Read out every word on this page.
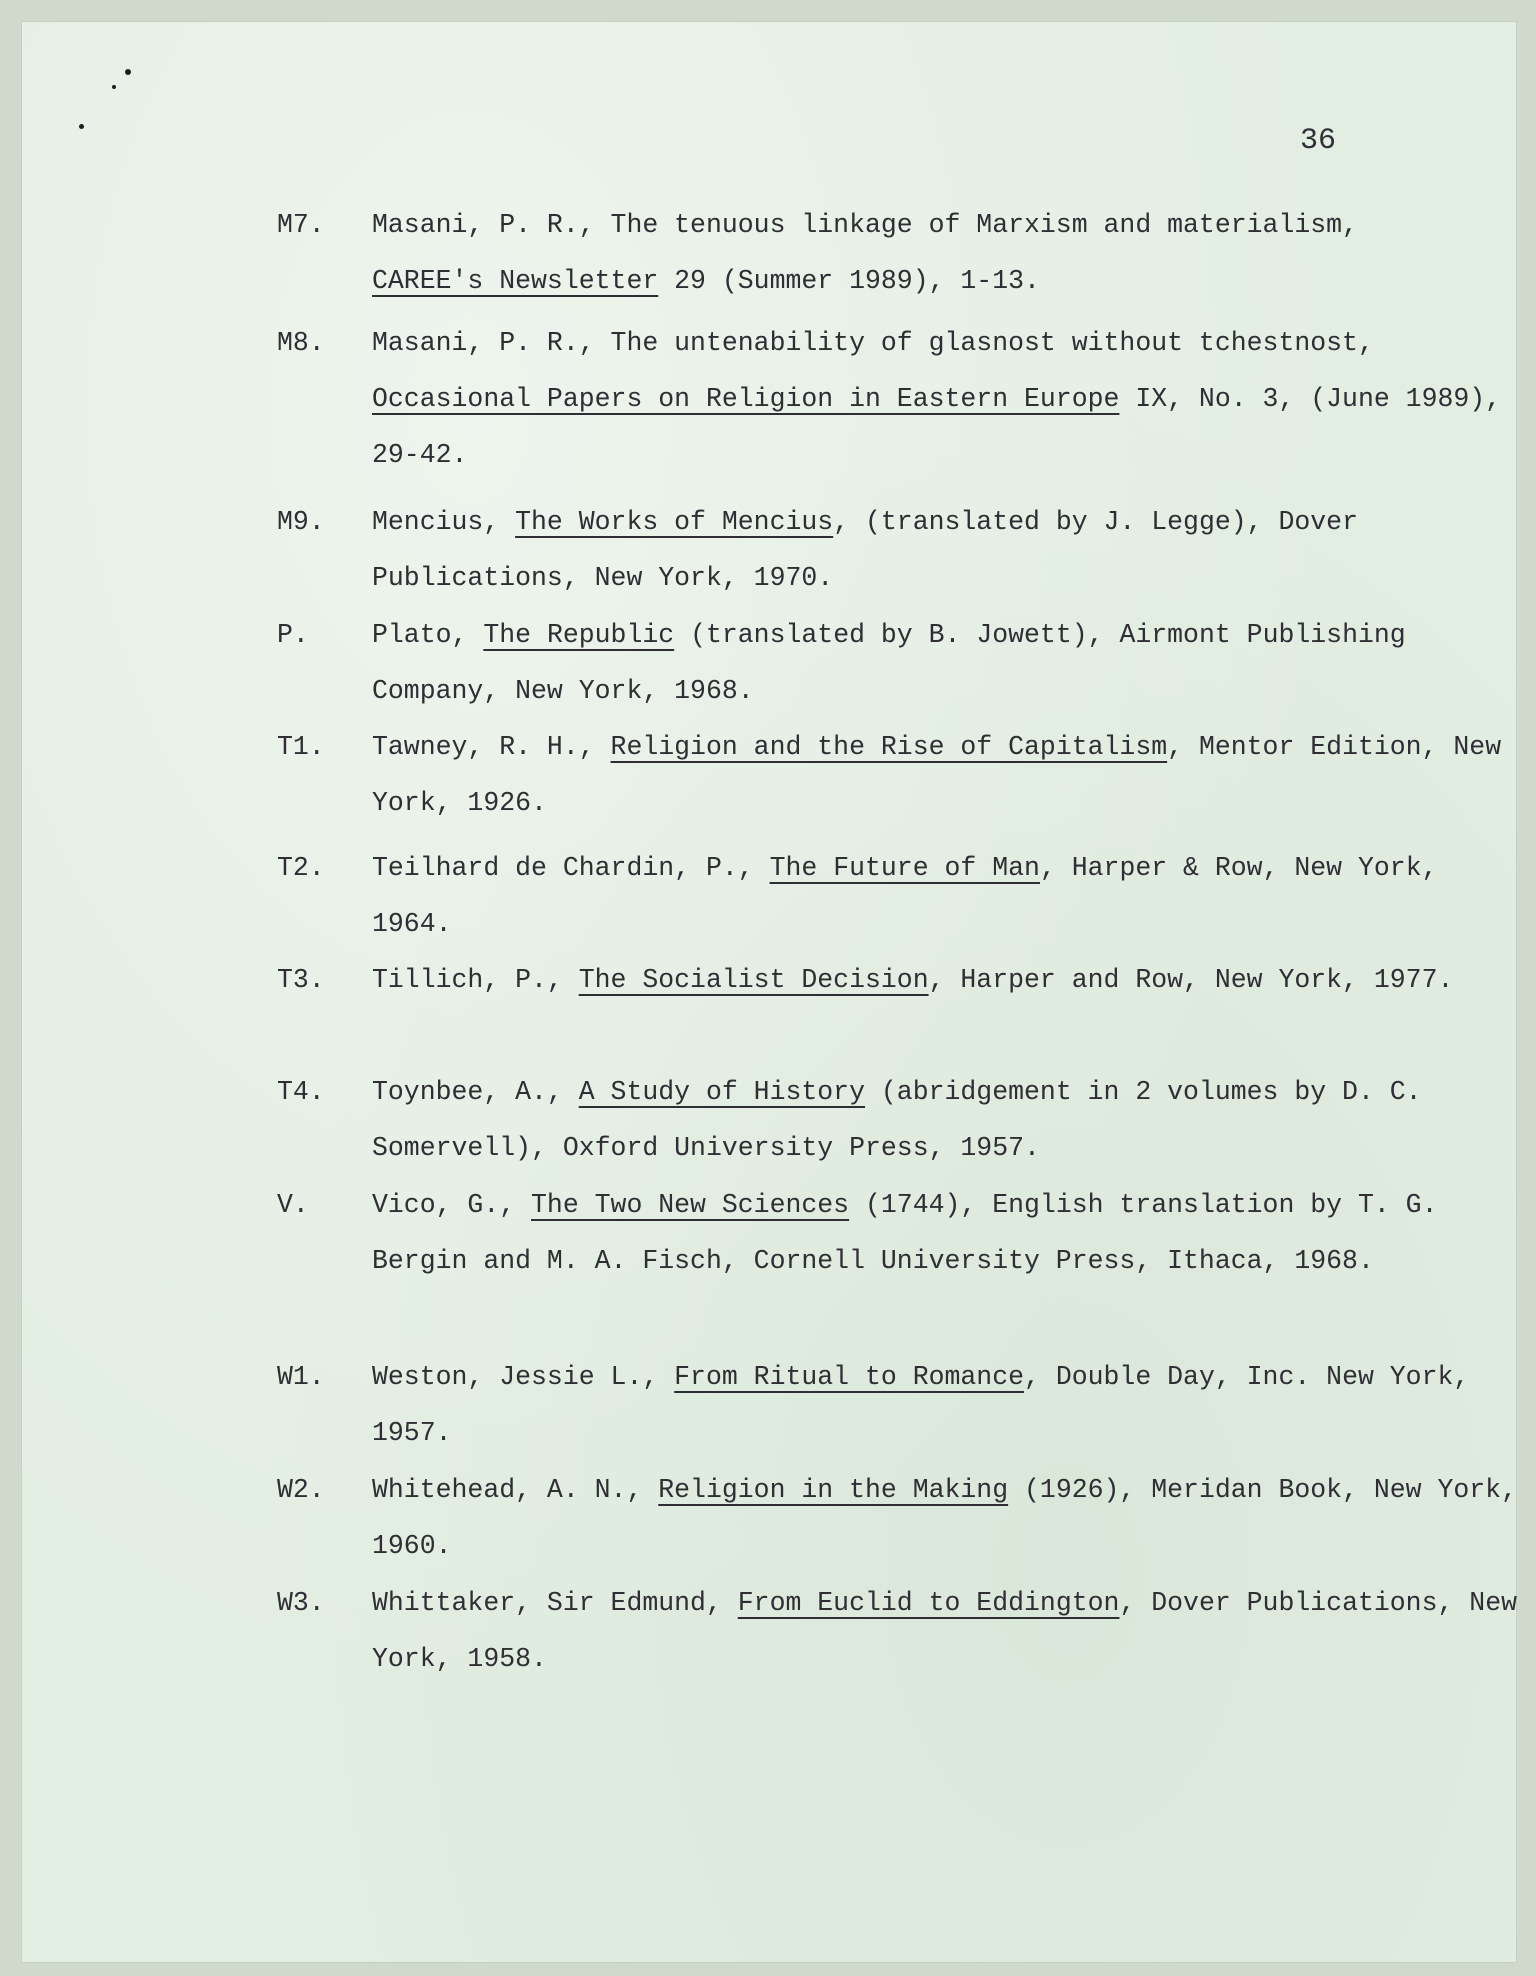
36
M7.	Masani, P. R., The tenuous linkage of Marxism and materialism,
CAREE's Newsletter 29 (Summer 1989), 1-13.
M8.	Masani, P. R., The untenability of glasnost without tchestnost,
Occasional Papers on Religion in Eastern Europe IX, No. 3, (June 1989), 29-42.
M9.	Mencius, The Works of Mencius, (translated by J. Legge), Dover Publications, New York, 1970.
P.	Plato, The Republic (translated by B. Jowett), Airmont Publishing Company, New York, 1968.
T1.	Tawney, R. H., Religion and the Rise of Capitalism, Mentor Edition, New York, 1926.
T2.	Teilhard de Chardin, P., The Future of Man, Harper & Row, New York, 1964.
T3.	Tillich, P., The Socialist Decision, Harper and Row, New York, 1977.
T4.	Toynbee, A., A Study of History (abridgement in 2 volumes by D. C. Somervell), Oxford University Press, 1957.
V.	Vico, G., The Two New Sciences (1744), English translation by T. G. Bergin and M. A. Fisch, Cornell University Press, Ithaca, 1968.
W1.	Weston, Jessie L., From Ritual to Romance, Double Day, Inc. New York, 1957.
W2.	Whitehead, A. N., Religion in the Making (1926), Meridan Book, New York, 1960.
W3.	Whittaker, Sir Edmund, From Euclid to Eddington, Dover Publications, New York, 1958.
